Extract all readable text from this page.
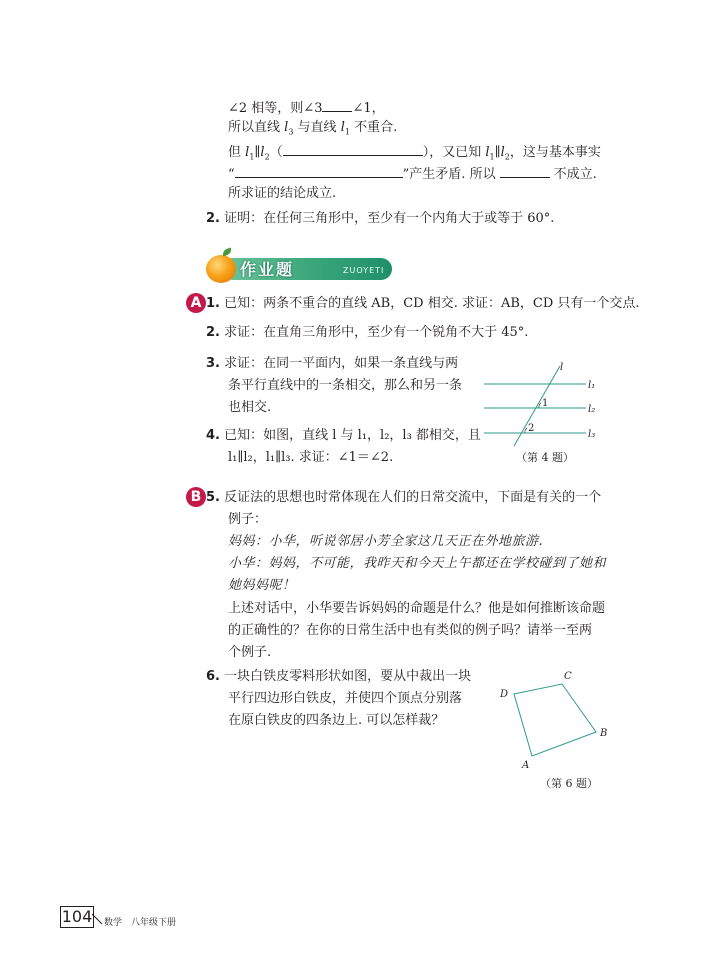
∠2 相等，则∠3 ∠1，
所以直线 $l_3$ 与直线 $l_1$ 不重合.
但 $l_1\parallel l_2$（	），又已知 $l_1\parallel l_2$，这与基本事实
“	”产生矛盾. 所以	不成立.
所求证的结论成立.
2. 证明：在任何三角形中，至少有一个内角大于或等于 60°.
作业题	ZUOYETI
A 1. 已知：两条不重合的直线 AB，CD 相交. 求证：AB，CD 只有一个交点.
2. 求证：在直角三角形中，至少有一个锐角不大于 45°.
3. 求证：在同一平面内，如果一条直线与两
条平行直线中的一条相交，那么和另一条
也相交.
4. 已知：如图，直线 l 与 l₁，l₂，l₃ 都相交，且
l₁∥l₂，l₁∥l₃. 求证：∠1＝∠2.
l
l₁
l₂
l₃
1
2
（第 4 题）
B 5. 反证法的思想也时常体现在人们的日常交流中，下面是有关的一个
例子：
妈妈：小华，听说邻居小芳全家这几天正在外地旅游.
小华：妈妈，不可能，我昨天和今天上午都还在学校碰到了她和
她妈妈呢！
上述对话中，小华要告诉妈妈的命题是什么？他是如何推断该命题
的正确性的？在你的日常生活中也有类似的例子吗？请举一至两
个例子.
6. 一块白铁皮零料形状如图，要从中裁出一块
平行四边形白铁皮，并使四个顶点分别落
在原白铁皮的四条边上. 可以怎样裁？
C
D
B
A
（第 6 题）
104 数学　八年级下册
